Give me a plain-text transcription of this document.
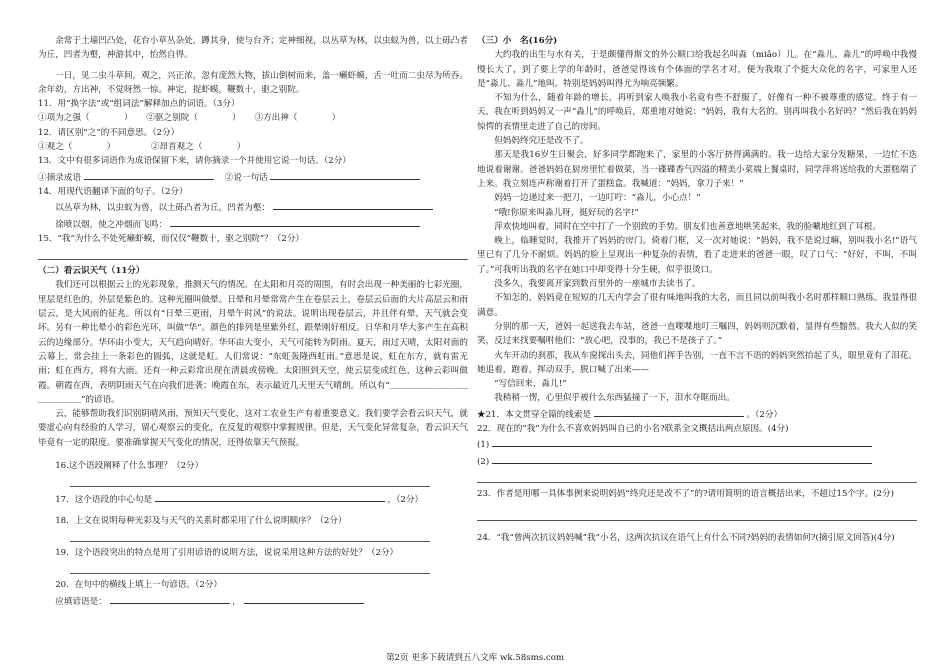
余常于土墙凹凸处，花台小草丛杂处，蹲其身，使与台齐；定神细视，以丛草为林，以虫蚁为兽，以土砾凸者为丘，凹者为壑，神游其中，怡然自得。

一日，见二虫斗草间，观之，兴正浓，忽有庞然大物，拔山倒树而来，盖一癞虾蟆，舌一吐而二虫尽为所吞。余年幼，方出神，不觉呀然一惊。神定，捉虾蟆，鞭数十，驱之别院。

11．用“换字法”或“组词法”解释加点的词语。（3分）

①项为之强（　　　　） ②驱之别院（　　　　） ③方出神（　　　　）

12．请区别“之”的不同意思。（2分）

①观之（　　　　）	②昂首观之（　　　　）

13．文中有很多词语作为成语保留下来，请你摘录一个并使用它说一句话。（2分）

①摘录成语	②说一句话

14．用现代语翻译下面的句子。（2分）

以丛草为林，以虫蚁为兽，以土砾凸者为丘，凹者为壑：

徐喷以烟，使之冲烟而飞鸣：

15．“我”为什么不处死癞虾蟆，而仅仅“鞭数十，驱之别院”？（2分）

（二）看云识天气（11分）

我们还可以根据云上的光彩现象，推测天气的情况。在太阳和月亮的周围，有时会出现一种美丽的七彩光圈，里层是红色的，外层是紫色的。这种光圈叫做晕。日晕和月晕常常产生在卷层云上，卷层云后面的大片高层云和雨层云，是大风雨的征兆。所以有“日晕三更雨，月晕午时风”的说法。说明出现卷层云，并且伴有晕，天气就会变坏。另有一种比晕小的彩色光环，叫做“华”。颜色的排列是里紫外红，跟晕刚好相反。日华和月华大多产生在高积云的边缘部分。华环由小变大，天气趋向晴好。华环由大变小，天气可能转为阴雨。夏天，雨过天晴，太阳对面的云幕上，常会挂上一条彩色的圆弧，这就是虹。人们常说：“东虹轰隆西虹雨。”意思是说，虹在东方，就有雷无雨；虹在西方，将有大雨。还有一种云彩常出现在清晨或傍晚。太阳照到天空，使云层变成红色，这种云彩叫做霞。朝霞在西，表明阴雨天气在向我们进袭；晚霞在东，表示最近几天里天气晴朗。所以有“＿＿＿＿＿＿＿＿＿＿＿＿＿＿”的谚语。

云，能够帮助我们识别阴晴风雨，预知天气变化，这对工农业生产有着重要意义。我们要学会看云识天气，就要虚心向有经验的人学习，留心观察云的变化，在反复的观察中掌握规律。但是，天气变化异常复杂，看云识天气毕竟有一定的限度。要准确掌握天气变化的情况，还得依靠天气预报。

16.这个语段阐释了什么事理？（2分）

17．这个语段的中心句是	，（2分）

18．上文在说明每种光彩及与天气的关系时都采用了什么说明顺序？（2分）

19．这个语段突出的特点是用了引用谚语的说明方法，说说采用这种方法的好处？（2分）

20．在句中的横线上填上一句谚语。（2分）

应填谚语是：	，

（三）小　名(16分)

大约我的出生与水有关，于是颇懂得斯文的外公顺口给我起名叫淼（miǎo）儿。在“淼儿、淼儿”的呼唤中我慢慢长大了，到了要上学的年龄时，爸爸觉得该有个体面的学名才对，便为我取了个挺大众化的名字，可家里人还是“淼儿、淼儿”地叫。特别是妈妈叫得尤为响亮频繁。

不知为什么，随着年龄的增长，再听到家人唤我小名竟有些不舒服了，好像有一种不被尊重的感觉。终于有一天，我在听到妈妈又一声“淼儿”的呼唤后，郑重地对她说：“妈妈，我有大名的。别再叫我小名好吗？”然后我在妈妈惊愕的表情里走进了自己的房间。

但妈妈终究还是改不了。

那天是我16岁生日聚会，好多同学都跑来了，家里的小客厅挤得满满的。我一边给大家分发糖果，一边忙不迭地说着谢谢。爸爸妈妈在厨房里忙着做菜，当一碟碟香气四溢的精美小菜端上餐桌时，同学萍将送给我的大蛋糕端了上来。我立刻连声称谢着打开了蛋糕盒。我喊道：“妈妈，拿刀子来！”

妈妈一边递过来一把刀，一边叮咛：“淼儿，小心点！”

“哦!你原来叫淼儿呀，挺好玩的名字!”

萍欢快地叫着，同时在空中打了一个别致的手势。朋友们也善意地哄笑起来，我的脸唰地红到了耳根。

晚上，临睡觉时，我推开了妈妈的房门。倚着门框，又一次对她说：“妈妈，我不是说过嘛，别叫我小名!”语气里已有了几分不耐烦。妈妈的脸上呈现出一种复杂的表情，看了走进来的爸爸一眼，叹了口气：“好好，不叫，不叫了。”可我听出我的名字在她口中却变得十分生硬，似乎很烫口。

没多久，我要离开家到数百里外的一座城市去读书了。

不知怎的，妈妈竟在短短的几天内学会了很有味地叫我的大名，而且同以前叫我小名时那样顺口熟练。我显得很满意。

分别的那一天，爸妈一起送我去车站，爸爸一直喋喋地叮三嘱四，妈妈则沉默着，显得有些黯然。我大人似的笑笑，反过来找要嘱咐他们：“放心吧，没事的，我已不是孩子了。”

火车开动的刹那，我从车窗探出头去，同他们挥手告别，一直不言不语的妈妈突然抬起了头，眼里竟有了泪花。她追着，跑着，挥动双手，脱口喊了出来——

“写信回来，淼儿!”

我稍稍一愣，心里似乎被什么东西猛撞了一下，泪水夺眶而出。

★21．本文贯穿全篇的线索是	。（2分）

22．现在的“我”为什么不喜欢妈妈叫自己的小名?联系全文概括出两点原因。(4分)

(1)

(2)

23．作者是用哪一具体事例来说明妈妈“终究还是改不了”的?请用简明的语言概括出来，不超过15个字。(2分)

24．“我”曾两次抗议妈妈喊“我”小名，这两次抗议在语气上有什么不同?妈妈的表情如何?(摘引原文回答)(4分)

第2页 更多下载请到五八文库 wk.58sms.com
